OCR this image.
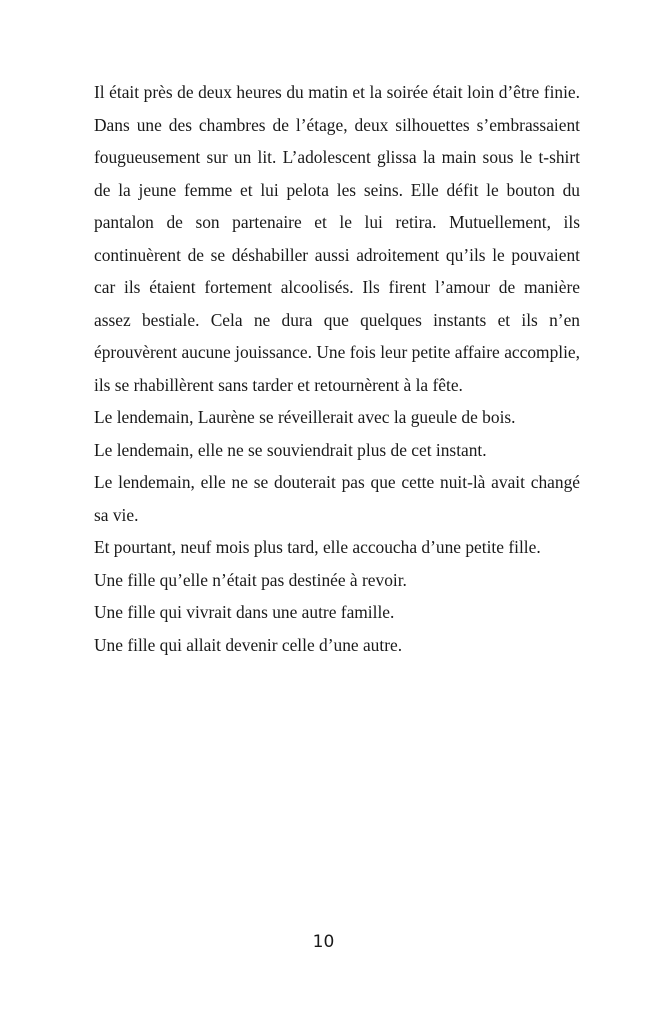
Il était près de deux heures du matin et la soirée était loin d’être finie. Dans une des chambres de l’étage, deux silhouettes s’embrassaient fougueusement sur un lit. L’adolescent glissa la main sous le t-shirt de la jeune femme et lui pelota les seins. Elle défit le bouton du pantalon de son partenaire et le lui retira. Mutuellement, ils continuèrent de se déshabiller aussi adroitement qu’ils le pouvaient car ils étaient fortement alcoolisés. Ils firent l’amour de manière assez bestiale. Cela ne dura que quelques instants et ils n’en éprouvèrent aucune jouissance. Une fois leur petite affaire accomplie, ils se rhabillèrent sans tarder et retournèrent à la fête.

Le lendemain, Laurène se réveillerait avec la gueule de bois.

Le lendemain, elle ne se souviendrait plus de cet instant.

Le lendemain, elle ne se douterait pas que cette nuit-là avait changé sa vie.

Et pourtant, neuf mois plus tard, elle accoucha d’une petite fille.

Une fille qu’elle n’était pas destinée à revoir.

Une fille qui vivrait dans une autre famille.

Une fille qui allait devenir celle d’une autre.

10
